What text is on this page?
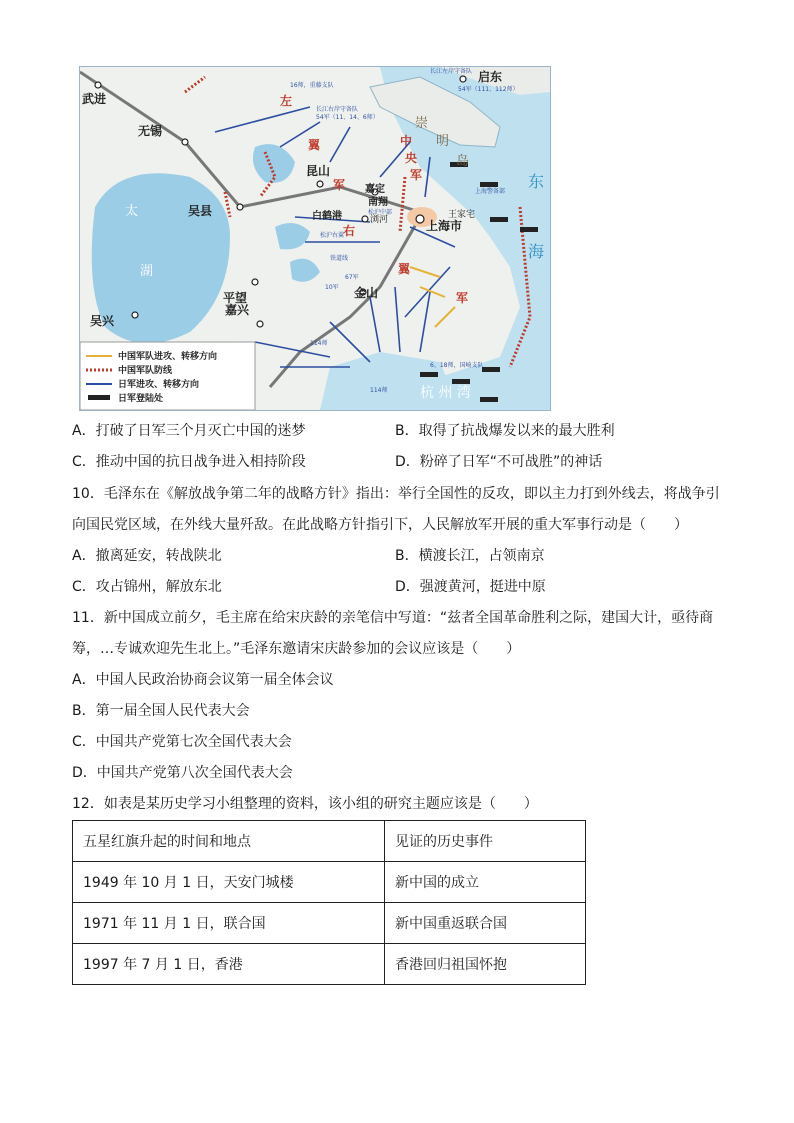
武进
无锡
吴县
昆山
嘉定
南翔
上海市
白鹤港
金山
平望
嘉兴
吴兴
启东
浏河	王家宅
太
湖
崇
明
岛
东
海
杭 州 湾
左
翼
军
中
央
军
右
翼
军
16师，重藤支队
长江左岸守备队
54军（111、112师）
长江右岸守备队
54军（11、14、6师）
松沪中部
松沪右翼
铁道线
上海警备部
67军
10军
114师
6、18师，国崎支队
114师
中国军队进攻、转移方向
中国军队防线
日军进攻、转移方向
日军登陆处
A．打破了日军三个月灭亡中国的迷梦	B．取得了抗战爆发以来的最大胜利
C．推动中国的抗日战争进入相持阶段	D．粉碎了日军“不可战胜”的神话
10．毛泽东在《解放战争第二年的战略方针》指出：举行全国性的反攻，即以主力打到外线去，将战争引
向国民党区域，在外线大量歼敌。在此战略方针指引下，人民解放军开展的重大军事行动是（　　）
A．撤离延安，转战陕北	B．横渡长江，占领南京
C．攻占锦州，解放东北	D．强渡黄河，挺进中原
11．新中国成立前夕，毛主席在给宋庆龄的亲笔信中写道：“兹者全国革命胜利之际，建国大计，亟待商
筹，…专诚欢迎先生北上。”毛泽东邀请宋庆龄参加的会议应该是（　　）
A．中国人民政治协商会议第一届全体会议
B．第一届全国人民代表大会
C．中国共产党第七次全国代表大会
D．中国共产党第八次全国代表大会
12．如表是某历史学习小组整理的资料，该小组的研究主题应该是（　　）
五星红旗升起的时间和地点	见证的历史事件
1949 年 10 月 1 日，天安门城楼	新中国的成立
1971 年 11 月 1 日，联合国	新中国重返联合国
1997 年 7 月 1 日，香港	香港回归祖国怀抱
